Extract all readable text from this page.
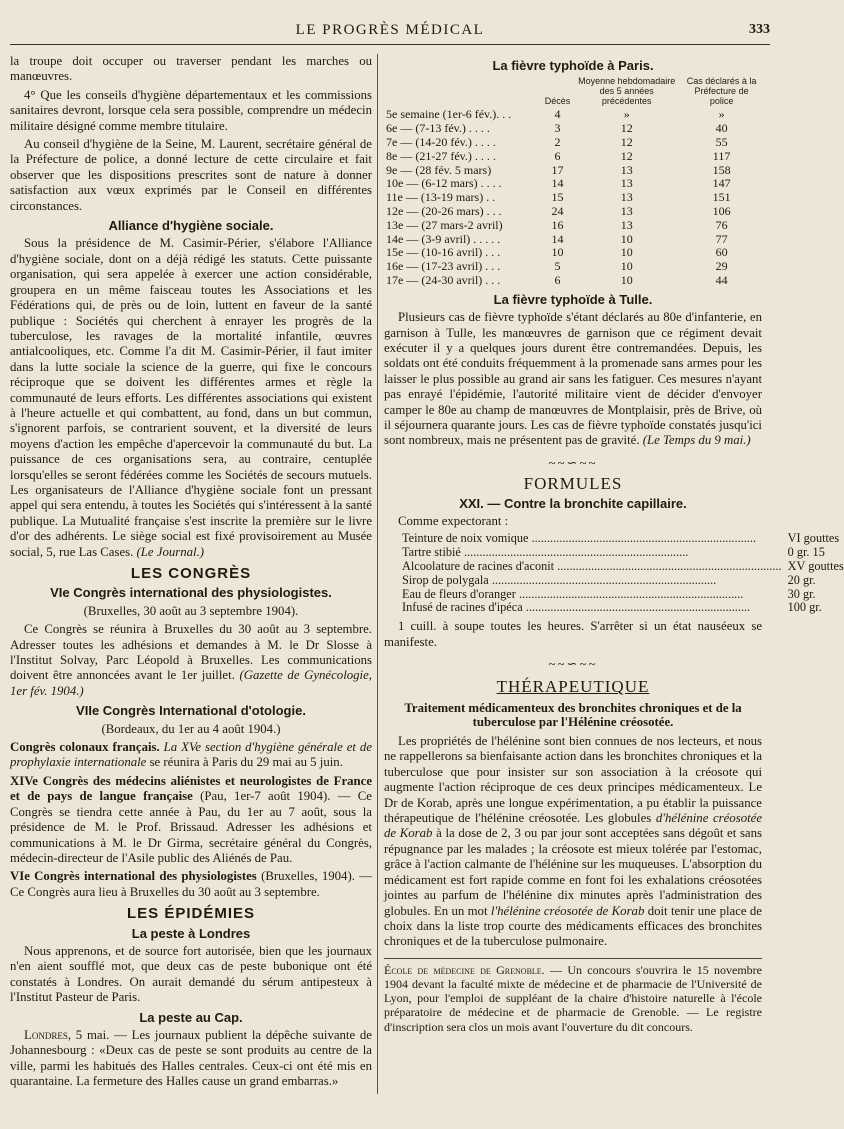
LE PROGRÈS MÉDICAL	333

la troupe doit occuper ou traverser pendant les marches ou manœuvres.

4° Que les conseils d'hygiène départementaux et les commissions sanitaires devront, lorsque cela sera possible, comprendre un médecin militaire désigné comme membre titulaire.

Au conseil d'hygiène de la Seine, M. Laurent, secrétaire général de la Préfecture de police, a donné lecture de cette circulaire et fait observer que les dispositions prescrites sont de nature à donner satisfaction aux vœux exprimés par le Conseil en différentes circonstances.

Alliance d'hygiène sociale.

Sous la présidence de M. Casimir-Périer, s'élabore l'Alliance d'hygiène sociale, dont on a déjà rédigé les statuts. Cette puissante organisation, qui sera appelée à exercer une action considérable, groupera en un même faisceau toutes les Associations et les Fédérations qui, de près ou de loin, luttent en faveur de la santé publique : Sociétés qui cherchent à enrayer les progrès de la tuberculose, les ravages de la mortalité infantile, œuvres antialcooliques, etc. Comme l'a dit M. Casimir-Périer, il faut imiter dans la lutte sociale la science de la guerre, qui fixe le concours réciproque que se doivent les différentes armes et règle la communauté de leurs efforts. Les différentes associations qui existent à l'heure actuelle et qui combattent, au fond, dans un but commun, s'ignorent parfois, se contrarient souvent, et la diversité de leurs moyens d'action les empêche d'apercevoir la communauté du but. La puissance de ces organisations sera, au contraire, centuplée lorsqu'elles se seront fédérées comme les Sociétés de secours mutuels. Les organisateurs de l'Alliance d'hygiène sociale font un pressant appel qui sera entendu, à toutes les Sociétés qui s'intéressent à la santé publique. La Mutualité française s'est inscrite la première sur le livre d'or des adhérents. Le siège social est fixé provisoirement au Musée social, 5, rue Las Cases. (Le Journal.)

LES CONGRÈS
VIe Congrès international des physiologistes.
(Bruxelles, 30 août au 3 septembre 1904).

Ce Congrès se réunira à Bruxelles du 30 août au 3 septembre. Adresser toutes les adhésions et demandes à M. le Dr Slosse à l'Institut Solvay, Parc Léopold à Bruxelles. Les communications doivent être annoncées avant le 1er juillet. (Gazette de Gynécologie, 1er fév. 1904.)

VIIe Congrès International d'otologie.
(Bordeaux, du 1er au 4 août 1904.)

Congrès colonaux français. La XVe section d'hygiène générale et de prophylaxie internationale se réunira à Paris du 29 mai au 5 juin.

XIVe Congrès des médecins aliénistes et neurologistes de France et de pays de langue française (Pau, 1er-7 août 1904). — Ce Congrès se tiendra cette année à Pau, du 1er au 7 août, sous la présidence de M. le Prof. Brissaud. Adresser les adhésions et communications à M. le Dr Girma, secrétaire général du Congrès, médecin-directeur de l'Asile public des Aliénés de Pau.

VIe Congrès international des physiologistes (Bruxelles, 1904). — Ce Congrès aura lieu à Bruxelles du 30 août au 3 septembre.

LES ÉPIDÉMIES
La peste à Londres

Nous apprenons, et de source fort autorisée, bien que les journaux n'en aient soufflé mot, que deux cas de peste bubonique ont été constatés à Londres. On aurait demandé du sérum antipesteux à l'Institut Pasteur de Paris.

La peste au Cap.

Londres, 5 mai. — Les journaux publient la dépêche suivante de Johannesbourg : «Deux cas de peste se sont produits au centre de la ville, parmi les habitués des Halles centrales. Ceux-ci ont été mis en quarantaine. La fermeture des Halles cause un grand embarras.»

La fièvre typhoïde à Paris.
	Décès	Moyenne hebdomadaire des 5 années précédentes	Cas déclarés à la Préfecture de police
5e semaine (1er-6 fév.). . .	4	»	»
6e — (7-13 fév.) . . . .	3	12	40
7e — (14-20 fév.) . . . .	2	12	55
8e — (21-27 fév.) . . . .	6	12	117
9e — (28 fév. 5 mars)	17	13	158
10e — (6-12 mars) . . . .	14	13	147
11e — (13-19 mars) . .	15	13	151
12e — (20-26 mars) . . .	24	13	106
13e — (27 mars-2 avril)	16	13	76
14e — (3-9 avril) . . . . .	14	10	77
15e — (10-16 avril) . . .	10	10	60
16e — (17-23 avril) . . .	5	10	29
17e — (24-30 avril) . . .	6	10	44
La fièvre typhoïde à Tulle.

Plusieurs cas de fièvre typhoïde s'étant déclarés au 80e d'infanterie, en garnison à Tulle, les manœuvres de garnison que ce régiment devait exécuter il y a quelques jours durent être contremandées. Depuis, les soldats ont été conduits fréquemment à la promenade sans armes pour les laisser le plus possible au grand air sans les fatiguer. Ces mesures n'ayant pas enrayé l'épidémie, l'autorité militaire vient de décider d'envoyer camper le 80e au champ de manœuvres de Montplaisir, près de Brive, où il séjournera quarante jours. Les cas de fièvre typhoïde constatés jusqu'ici sont nombreux, mais ne présentent pas de gravité. (Le Temps du 9 mai.)

~~∽~~
FORMULES
XXI. — Contre la bronchite capillaire.

Comme expectorant :

Teinture de noix vomique .....	VI gouttes
Tartre stibié .....	0 gr. 15
Alcoolature de racines d'aconit .....	XV gouttes
Sirop de polygala .....	20 gr.
Eau de fleurs d'oranger .....	30 gr.
Infusé de racines d'ipéca .....	100 gr.

1 cuill. à soupe toutes les heures. S'arrêter si un état nauséeux se manifeste.

~~∽~~
THÉRAPEUTIQUE
Traitement médicamenteux des bronchites chroniques et de la tuberculose par l'Hélénine créosotée.

Les propriétés de l'hélénine sont bien connues de nos lecteurs, et nous ne rappellerons sa bienfaisante action dans les bronchites chroniques et la tuberculose que pour insister sur son association à la créosote qui augmente l'action réciproque de ces deux principes médicamenteux. Le Dr de Korab, après une longue expérimentation, a pu établir la puissance thérapeutique de l'hélénine créosotée. Les globules d'hélénine créosotée de Korab à la dose de 2, 3 ou par jour sont acceptées sans dégoût et sans répugnance par les malades ; la créosote est mieux tolérée par l'estomac, grâce à l'action calmante de l'hélénine sur les muqueuses. L'absorption du médicament est fort rapide comme en font foi les exhalations créosotées jointes au parfum de l'hélénine dix minutes après l'administration des globules. En un mot l'hélénine créosotée de Korab doit tenir une place de choix dans la liste trop courte des médicaments efficaces des bronchites chroniques et de la tuberculose pulmonaire.

École de médecine de Grenoble. — Un concours s'ouvrira le 15 novembre 1904 devant la faculté mixte de médecine et de pharmacie de l'Université de Lyon, pour l'emploi de suppléant de la chaire d'histoire naturelle à l'école préparatoire de médecine et de pharmacie de Grenoble. — Le registre d'inscription sera clos un mois avant l'ouverture du dit concours.
